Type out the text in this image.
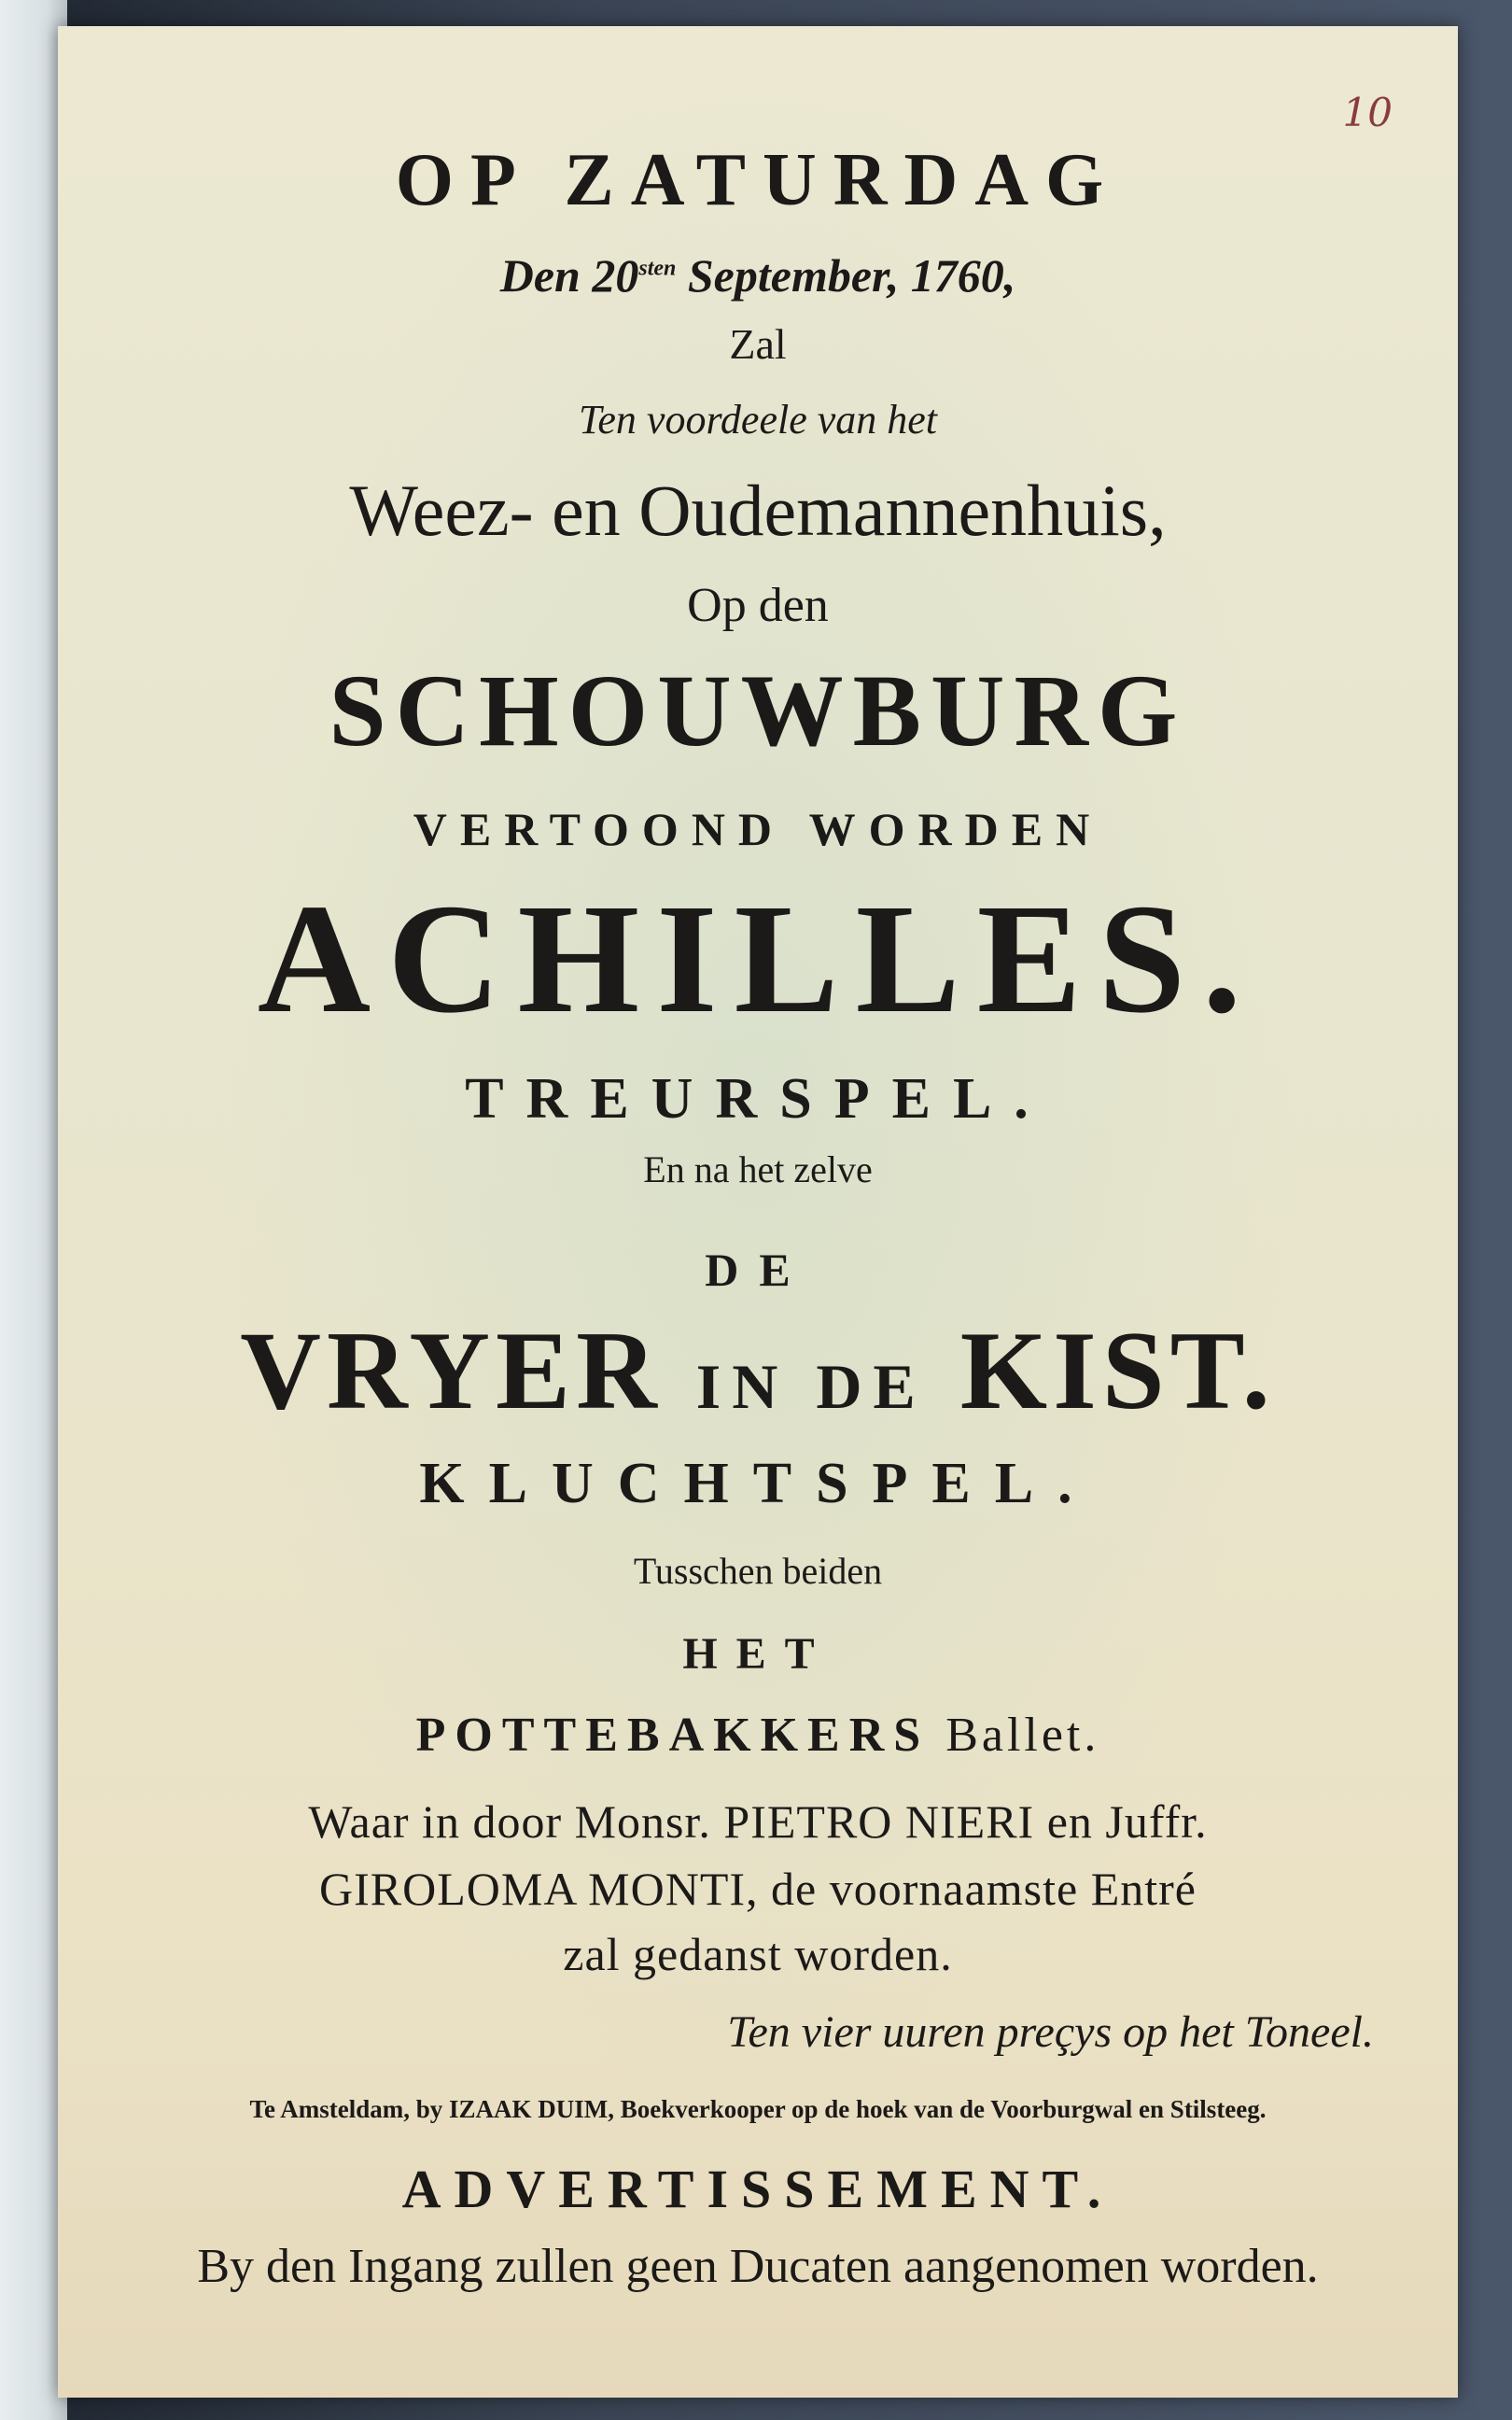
10
OP ZATURDAG
Den $20^{sten}$ September, 1760,
Zal
Ten voordeele van het
Weez- en Oudemannenhuis,
Op den
SCHOUWBURG
VERTOOND WORDEN
ACHILLES.
TREURSPEL.
En na het zelve
DE
VRYER IN DE KIST.
KLUCHTSPEL.
Tusschen beiden
HET
POTTEBAKKERS Ballet.
Waar in door Monsr. PIETRO NIERI en Juffr.
GIROLOMA MONTI, de voornaamste Entré
zal gedanst worden.
Ten vier uuren preçys op het Toneel.
Te Amsteldam, by IZAAK DUIM, Boekverkooper op de hoek van de Voorburgwal en Stilsteeg.
ADVERTISSEMENT.
By den Ingang zullen geen Ducaten aangenomen worden.
